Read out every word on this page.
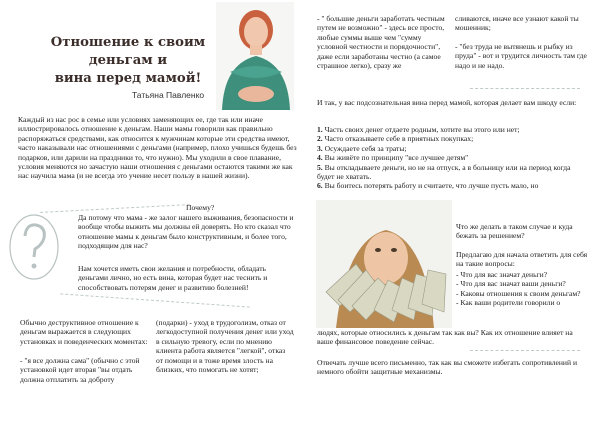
Отношение к своим
деньгам и
вина перед мамой!
Татьяна Павленко
Каждый из нас рос в семье или условиях заменяющих ее, где так или иначе иллюстрировалось отношение к деньгам. Наши мамы говорили как правильно распоряжаться средствами, как относится к мужчинам которые эти средства имеют, часто наказывали нас отношениями с деньгами (например, плохо учишься будешь без подарков, или дарили на праздники то, что нужно). Мы уходили в свое плавание, условия меняются но зачастую наши отношения с деньгами остаются такими же как нас научила мама (и не всегда это учение несет пользу в нашей жизни).
Почему?
Да потому что мама - же залог нашего выживания, безопасности и вообще чтобы выжить мы должны ей доверять. Но кто сказал что отношение мамы к деньгам было конструктивным, и более того, подходящим для нас?
Нам хочется иметь свои желания и потребности, обладать деньгами лично, но есть вина, которая будет нас теснить и способствовать потерям денег и развитию болезней!
Обычно деструктивное отношение к деньгам выражается в следующих установках и поведенческих моментах:
- "я все должна сама" (обычно с этой установкой идет вторая "вы отдать должна отплатить за доброту
(подарки) - уход в трудоголизм, отказ от легкодоступной получения денег или уход в сильную тревогу, если по мнению клиента работа является "легкой", отказ от помощи и в тоже время злость на близких, что помогать не хотят;
- " большие деньги заработать честным путем не возможно" - здесь все просто, любые суммы выше чем "сумму условной честности и порядочности", даже если заработаны честно (а самое страшное легко), сразу же
сливаются, иначе все узнают какой ты мошенник;
- "без труда не вытянешь и рыбку из пруда" - вот и трудится личность там где надо и не надо.
И так, у вас подсознательная вина перед мамой, которая делает вам шкоду если:
1. Часть своих денег отдаете родным, хотите вы этого или нет;
2. Часто отказываете себе в приятных покупках;
3. Осуждаете себя за траты;
4. Вы живёте по принципу "все лучшее детям"
5. Вы откладываете деньги, но не на отпуск, а в больницу или на период когда будет не хватать.
6. Вы боитесь потерять работу и считаете, что лучше пусть мало, но
Что же делать в таком случае и куда бежать за решением?
Предлагаю для начала ответить для себя на такие вопросы:
- Что для вас значат деньги?
- Что для вас значат ваши деньги?
- Каковы отношения к своим деньгам?
- Как ваши родители говорили о
людях, которые относились к деньгам так как вы? Как их отношение влияет на ваше финансовое поведение сейчас.
Отвечать лучше всего письменно, так как вы сможете избегать сопротивлений и немного обойти защитные механизмы.
